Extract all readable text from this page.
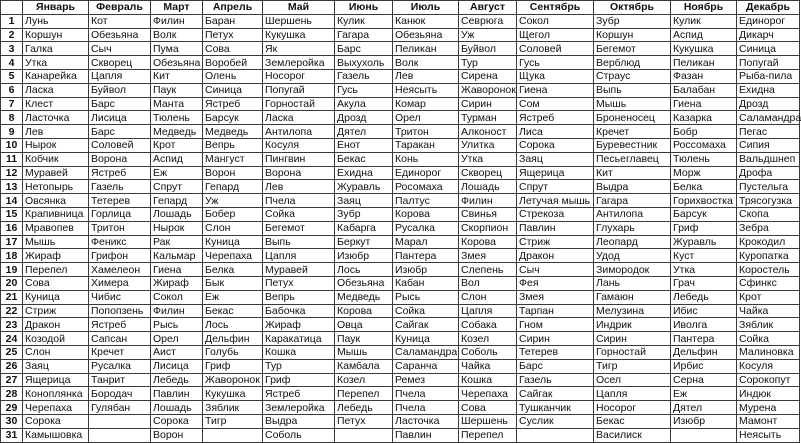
	Январь	Февраль	Март	Апрель	Май	Июнь	Июль	Август	Сентябрь	Октябрь	Ноябрь	Декабрь
1	Лунь	Кот	Филин	Баран	Шершень	Кулик	Канюк	Севрюга	Сокол	Зубр	Кулик	Единорог
2	Коршун	Обезьяна	Волк	Петух	Кукушка	Гагара	Обезьяна	Уж	Щегол	Коршун	Аспид	Дикарч
3	Галка	Сыч	Пума	Сова	Як	Барс	Пеликан	Буйвол	Соловей	Бегемот	Кукушка	Синица
4	Утка	Скворец	Обезьяна	Воробей	Землеройка	Выхухоль	Волк	Тур	Гусь	Верблюд	Пеликан	Попугай
5	Канарейка	Цапля	Кит	Олень	Носорог	Газель	Лев	Сирена	Щука	Страус	Фазан	Рыба-пила
6	Ласка	Буйвол	Паук	Синица	Попугай	Гусь	Неясыть	Жаворонок	Гиена	Выпь	Балабан	Ехидна
7	Клест	Барс	Манта	Ястреб	Горностай	Акула	Комар	Сирин	Сом	Мышь	Гиена	Дрозд
8	Ласточка	Лисица	Тюлень	Барсук	Ласка	Дрозд	Орел	Турман	Ястреб	Броненосец	Казарка	Саламандра
9	Лев	Барс	Медведь	Медведь	Антилопа	Дятел	Тритон	Алконост	Лиса	Кречет	Бобр	Пегас
10	Нырок	Соловей	Крот	Вепрь	Косуля	Енот	Таракан	Улитка	Сорока	Буревестник	Россомаха	Сипия
11	Кобчик	Ворона	Аспид	Мангуст	Пингвин	Бекас	Конь	Утка	Заяц	Песьеглавец	Тюлень	Вальдшнеп
12	Муравей	Ястреб	Еж	Ворон	Ворона	Ехидна	Единорог	Скворец	Ящерица	Кит	Морж	Дрофа
13	Нетопырь	Газель	Спрут	Гепард	Лев	Журавль	Росомаха	Лошадь	Спрут	Выдра	Белка	Пустельга
14	Овсянка	Тетерев	Гепард	Уж	Пчела	Заяц	Палтус	Филин	Летучая мышь	Гагара	Горихвостка	Трясогузка
15	Крапивница	Горлица	Лошадь	Бобер	Сойка	Зубр	Корова	Свинья	Стрекоза	Антилопа	Барсук	Скопа
16	Мравопев	Тритон	Нырок	Слон	Бегемот	Кабарга	Русалка	Скорпион	Павлин	Глухарь	Гриф	Зебра
17	Мышь	Феникс	Рак	Куница	Выпь	Беркут	Марал	Корова	Стриж	Леопард	Журавль	Крокодил
18	Жираф	Грифон	Кальмар	Черепаха	Цапля	Изюбр	Пантера	Змея	Дракон	Удод	Куст	Куропатка
19	Перепел	Хамелеон	Гиена	Белка	Муравей	Лось	Изюбр	Слепень	Сыч	Зимородок	Утка	Коростель
20	Сова	Химера	Жираф	Бык	Петух	Обезьяна	Кабан	Вол	Фея	Лань	Грач	Сфинкс
21	Куница	Чибис	Сокол	Еж	Вепрь	Медведь	Рысь	Слон	Змея	Гамаюн	Лебедь	Крот
22	Стриж	Попопзень	Филин	Бекас	Бабочка	Корова	Сойка	Цапля	Тарпан	Мелузина	Ибис	Чайка
23	Дракон	Ястреб	Рысь	Лось	Жираф	Овца	Сайгак	Собака	Гном	Индрик	Иволга	Зяблик
24	Козодой	Сапсан	Орел	Дельфин	Каракатица	Паук	Куница	Козел	Сирин	Сирин	Пантера	Сойка
25	Слон	Кречет	Аист	Голубь	Кошка	Мышь	Саламандра	Соболь	Тетерев	Горностай	Дельфин	Малиновка
26	Заяц	Русалка	Лисица	Гриф	Тур	Камбала	Саранча	Чайка	Барс	Тигр	Ирбис	Косуля
27	Ящерица	Танрит	Лебедь	Жаворонок	Гриф	Козел	Ремез	Кошка	Газель	Осел	Серна	Сорокопут
28	Коноплянка	Бородач	Павлин	Кукушка	Ястреб	Перепел	Пчела	Черепаха	Сайгак	Цапля	Еж	Индюк
29	Черепаха	Гулябан	Лошадь	Зяблик	Землеройка	Лебедь	Пчела	Сова	Тушканчик	Носорог	Дятел	Мурена
30	Сорока		Сорока	Тигр	Выдра	Петух	Ласточка	Шершень	Суслик	Бекас	Изюбр	Мамонт
31	Камышовка		Ворон		Соболь		Павлин	Перепел		Василиск		Неясыть
